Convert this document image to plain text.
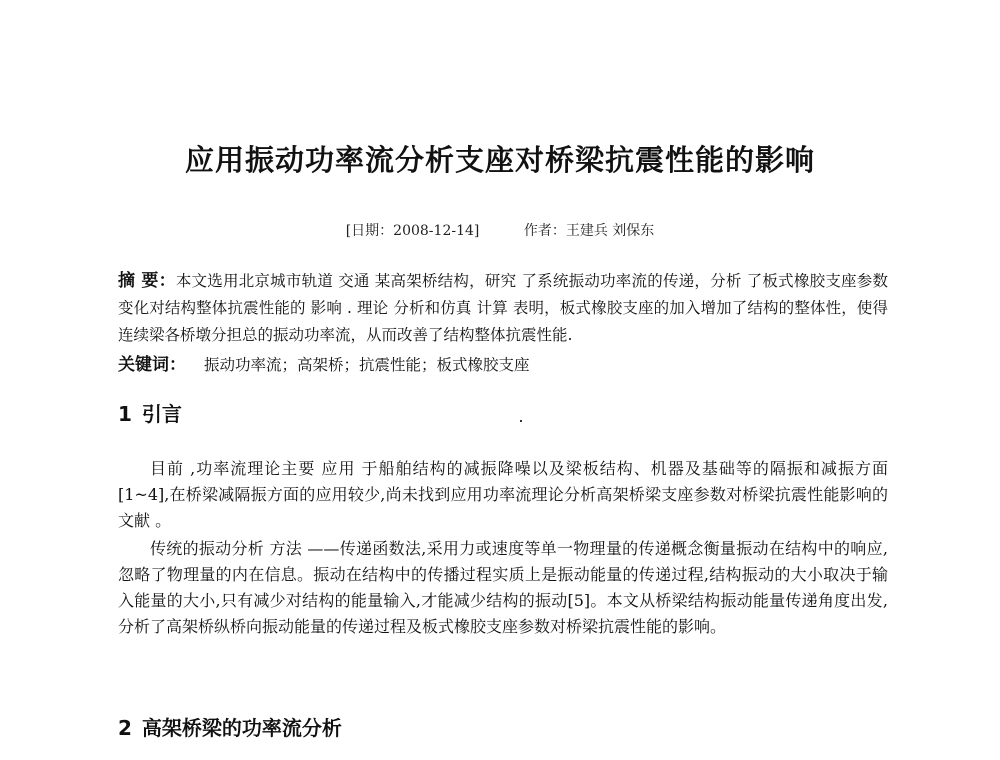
应用振动功率流分析支座对桥梁抗震性能的影响
[日期：2008-12-14]	作者：王建兵 刘保东
摘 要：本文选用北京城市轨道 交通 某高架桥结构，研究 了系统振动功率流的传递，分析 了板式橡胶支座参数变化对结构整体抗震性能的 影响 . 理论 分析和仿真 计算 表明，板式橡胶支座的加入增加了结构的整体性，使得连续梁各桥墩分担总的振动功率流，从而改善了结构整体抗震性能.
关键词： 振动功率流；高架桥；抗震性能；板式橡胶支座
1 引言

目前 ,功率流理论主要 应用 于船舶结构的减振降噪以及梁板结构、机器及基础等的隔振和减振方面[1~4],在桥梁减隔振方面的应用较少,尚未找到应用功率流理论分析高架桥梁支座参数对桥梁抗震性能影响的 文献 。

传统的振动分析 方法 ——传递函数法,采用力或速度等单一物理量的传递概念衡量振动在结构中的响应,忽略了物理量的内在信息。振动在结构中的传播过程实质上是振动能量的传递过程,结构振动的大小取决于输入能量的大小,只有减少对结构的能量输入,才能减少结构的振动[5]。本文从桥梁结构振动能量传递角度出发,分析了高架桥纵桥向振动能量的传递过程及板式橡胶支座参数对桥梁抗震性能的影响。

2 高架桥梁的功率流分析
